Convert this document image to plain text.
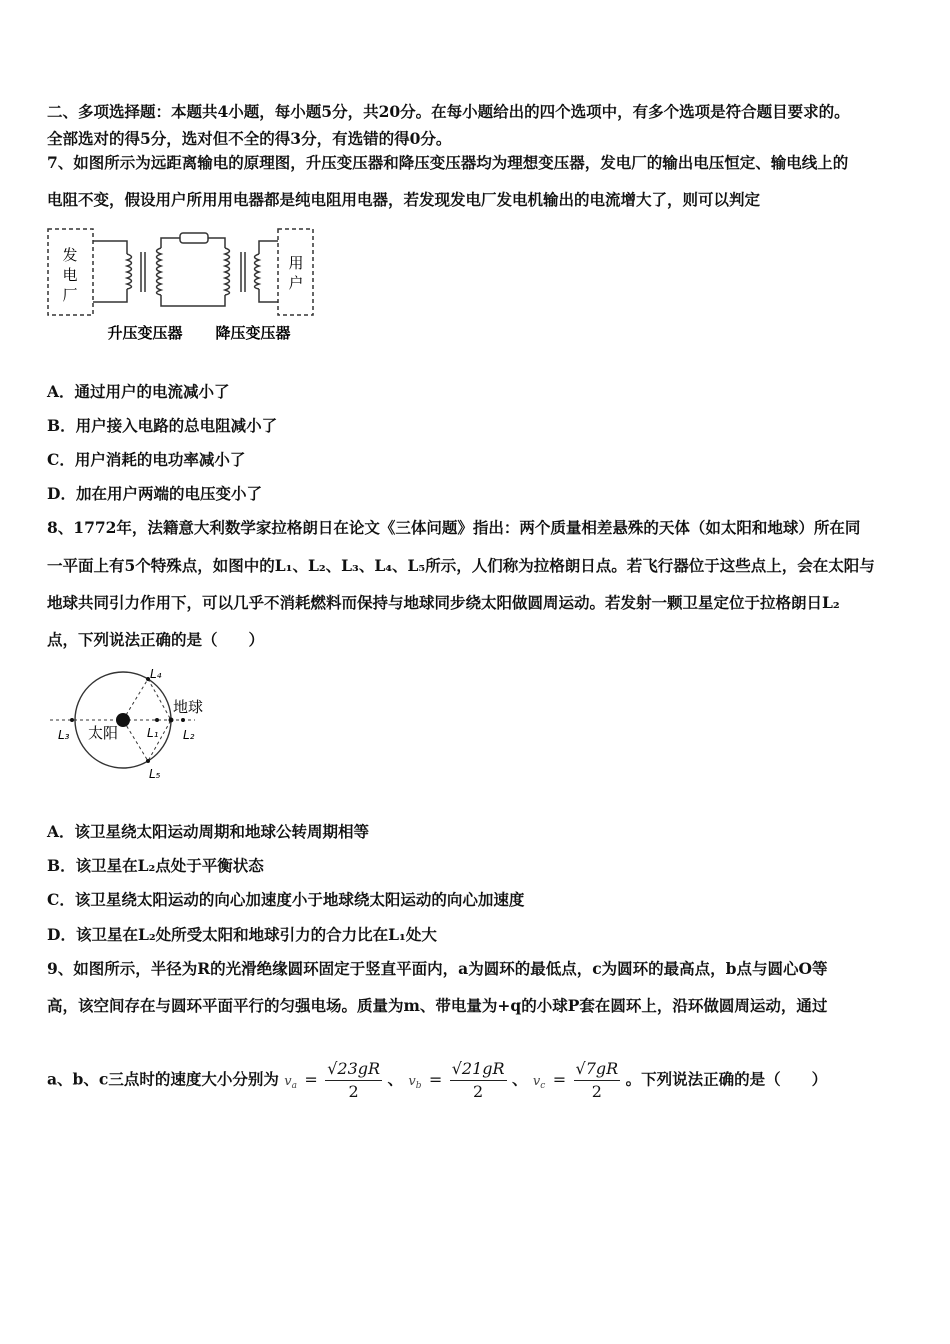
二、多项选择题：本题共4小题，每小题5分，共20分。在每小题给出的四个选项中，有多个选项是符合题目要求的。
全部选对的得5分，选对但不全的得3分，有选错的得0分。
7、如图所示为远距离输电的原理图，升压变压器和降压变压器均为理想变压器，发电厂的输出电压恒定、输电线上的
电阻不变，假设用户所用用电器都是纯电阻用电器，若发现发电厂发电机输出的电流增大了，则可以判定
发
电
厂
用
户
升压变压器 降压变压器
A．通过用户的电流减小了
B．用户接入电路的总电阻减小了
C．用户消耗的电功率减小了
D．加在用户两端的电压变小了
8、1772年，法籍意大利数学家拉格朗日在论文《三体问题》指出：两个质量相差悬殊的天体（如太阳和地球）所在同
一平面上有5个特殊点，如图中的L₁、L₂、L₃、L₄、L₅所示，人们称为拉格朗日点。若飞行器位于这些点上，会在太阳与
地球共同引力作用下，可以几乎不消耗燃料而保持与地球同步绕太阳做圆周运动。若发射一颗卫星定位于拉格朗日L₂
点，下列说法正确的是（　　）
太阳
地球
L₃	L₁ L₂
L₄
L₅
A．该卫星绕太阳运动周期和地球公转周期相等
B．该卫星在L₂点处于平衡状态
C．该卫星绕太阳运动的向心加速度小于地球绕太阳运动的向心加速度
D．该卫星在L₂处所受太阳和地球引力的合力比在L₁处大
9、如图所示，半径为R的光滑绝缘圆环固定于竖直平面内，a为圆环的最低点，c为圆环的最高点，b点与圆心O等
高，该空间存在与圆环平面平行的匀强电场。质量为m、带电量为+q的小球P套在圆环上，沿环做圆周运动，通过
a、b、c三点时的速度大小分别为 $v_a = \frac{√23gR}{2}$ 、 $v_b = \frac{√21gR}{2}$ 、 $v_c = \frac{√7gR}{2}$ 。下列说法正确的是（　　）
